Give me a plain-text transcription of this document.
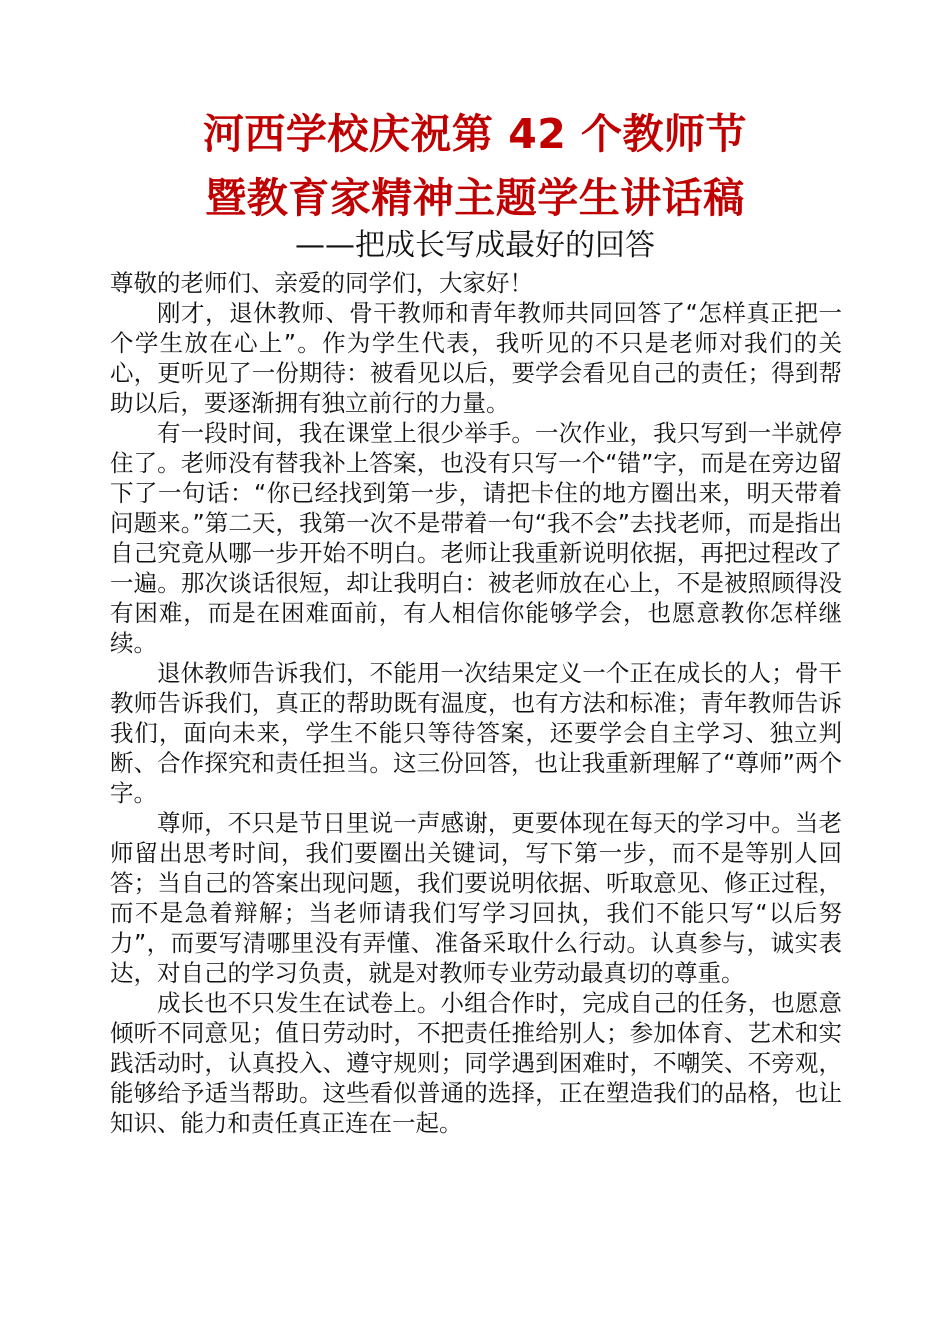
河西学校庆祝第 42 个教师节
暨教育家精神主题学生讲话稿
——把成长写成最好的回答

尊敬的老师们、亲爱的同学们，大家好！

刚才，退休教师、骨干教师和青年教师共同回答了“怎样真正把一个学生放在心上”。作为学生代表，我听见的不只是老师对我们的关心，更听见了一份期待：被看见以后，要学会看见自己的责任；得到帮助以后，要逐渐拥有独立前行的力量。

有一段时间，我在课堂上很少举手。一次作业，我只写到一半就停住了。老师没有替我补上答案，也没有只写一个“错”字，而是在旁边留下了一句话：“你已经找到第一步，请把卡住的地方圈出来，明天带着问题来。”第二天，我第一次不是带着一句“我不会”去找老师，而是指出自己究竟从哪一步开始不明白。老师让我重新说明依据，再把过程改了一遍。那次谈话很短，却让我明白：被老师放在心上，不是被照顾得没有困难，而是在困难面前，有人相信你能够学会，也愿意教你怎样继续。

退休教师告诉我们，不能用一次结果定义一个正在成长的人；骨干教师告诉我们，真正的帮助既有温度，也有方法和标准；青年教师告诉我们，面向未来，学生不能只等待答案，还要学会自主学习、独立判断、合作探究和责任担当。这三份回答，也让我重新理解了“尊师”两个字。

尊师，不只是节日里说一声感谢，更要体现在每天的学习中。当老师留出思考时间，我们要圈出关键词，写下第一步，而不是等别人回答；当自己的答案出现问题，我们要说明依据、听取意见、修正过程，而不是急着辩解；当老师请我们写学习回执，我们不能只写“以后努力”，而要写清哪里没有弄懂、准备采取什么行动。认真参与，诚实表达，对自己的学习负责，就是对教师专业劳动最真切的尊重。

成长也不只发生在试卷上。小组合作时，完成自己的任务，也愿意倾听不同意见；值日劳动时，不把责任推给别人；参加体育、艺术和实践活动时，认真投入、遵守规则；同学遇到困难时，不嘲笑、不旁观，能够给予适当帮助。这些看似普通的选择，正在塑造我们的品格，也让知识、能力和责任真正连在一起。
